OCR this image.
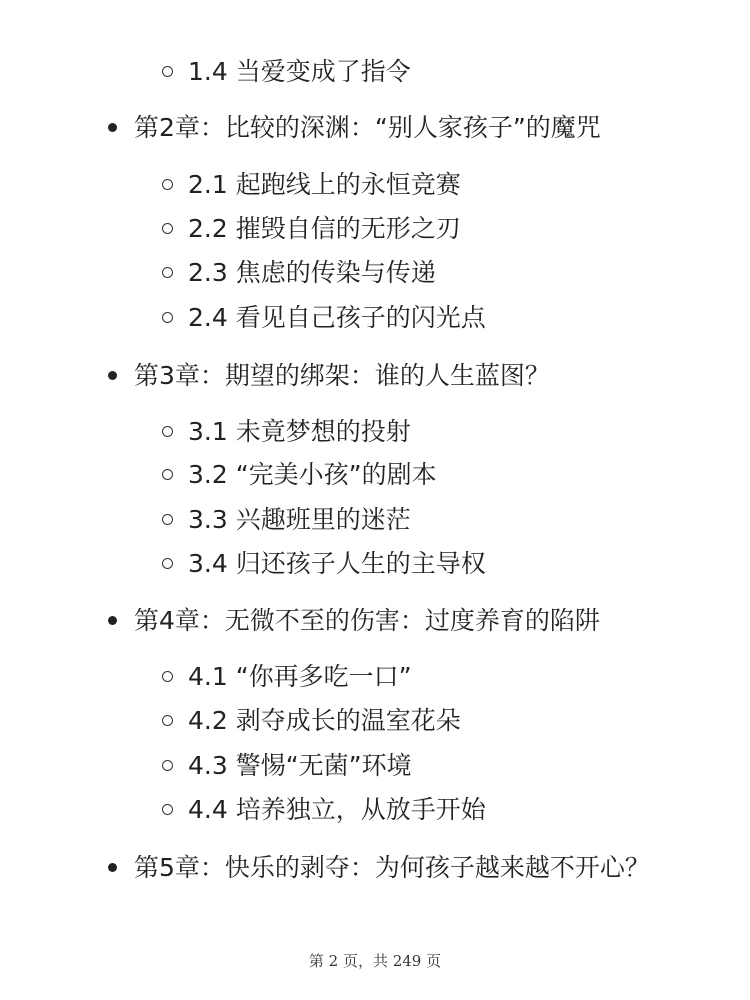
1.4 当爱变成了指令
第2章：比较的深渊：“别人家孩子”的魔咒
2.1 起跑线上的永恒竞赛
2.2 摧毁自信的无形之刃
2.3 焦虑的传染与传递
2.4 看见自己孩子的闪光点
第3章：期望的绑架：谁的人生蓝图？
3.1 未竟梦想的投射
3.2 “完美小孩”的剧本
3.3 兴趣班里的迷茫
3.4 归还孩子人生的主导权
第4章：无微不至的伤害：过度养育的陷阱
4.1 “你再多吃一口”
4.2 剥夺成长的温室花朵
4.3 警惕“无菌”环境
4.4 培养独立，从放手开始
第5章：快乐的剥夺：为何孩子越来越不开心？
第 2 页，共 249 页
